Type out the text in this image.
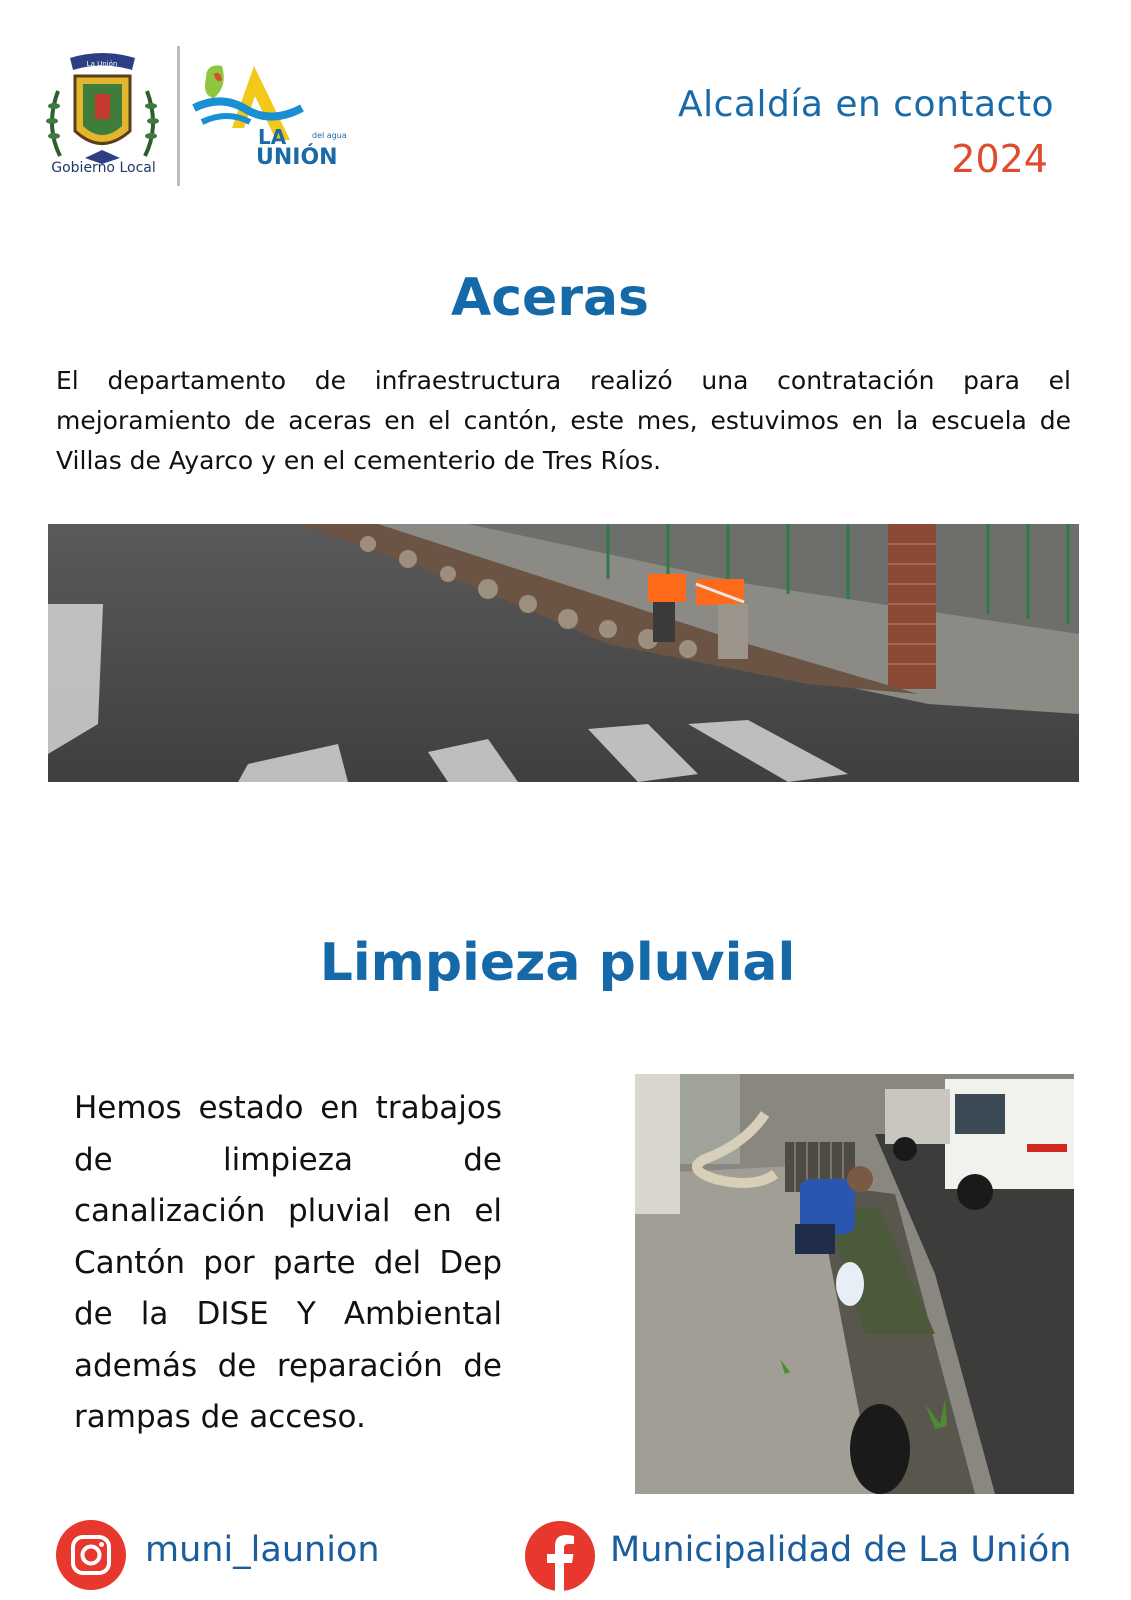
La Unión
Gobierno Local
del agua
LA
UNIÓN
Alcaldía en contacto
2024
Aceras
El departamento de infraestructura realizó una contratación para el mejoramiento de aceras en el cantón, este mes, estuvimos en la escuela de Villas de Ayarco y en el cementerio de Tres Ríos.
Limpieza pluvial
Hemos estado en trabajos de limpieza de canalización pluvial en el Cantón por parte del Dep de la DISE Y Ambiental además de reparación de rampas de acceso.
muni_launion	Municipalidad de La Unión
